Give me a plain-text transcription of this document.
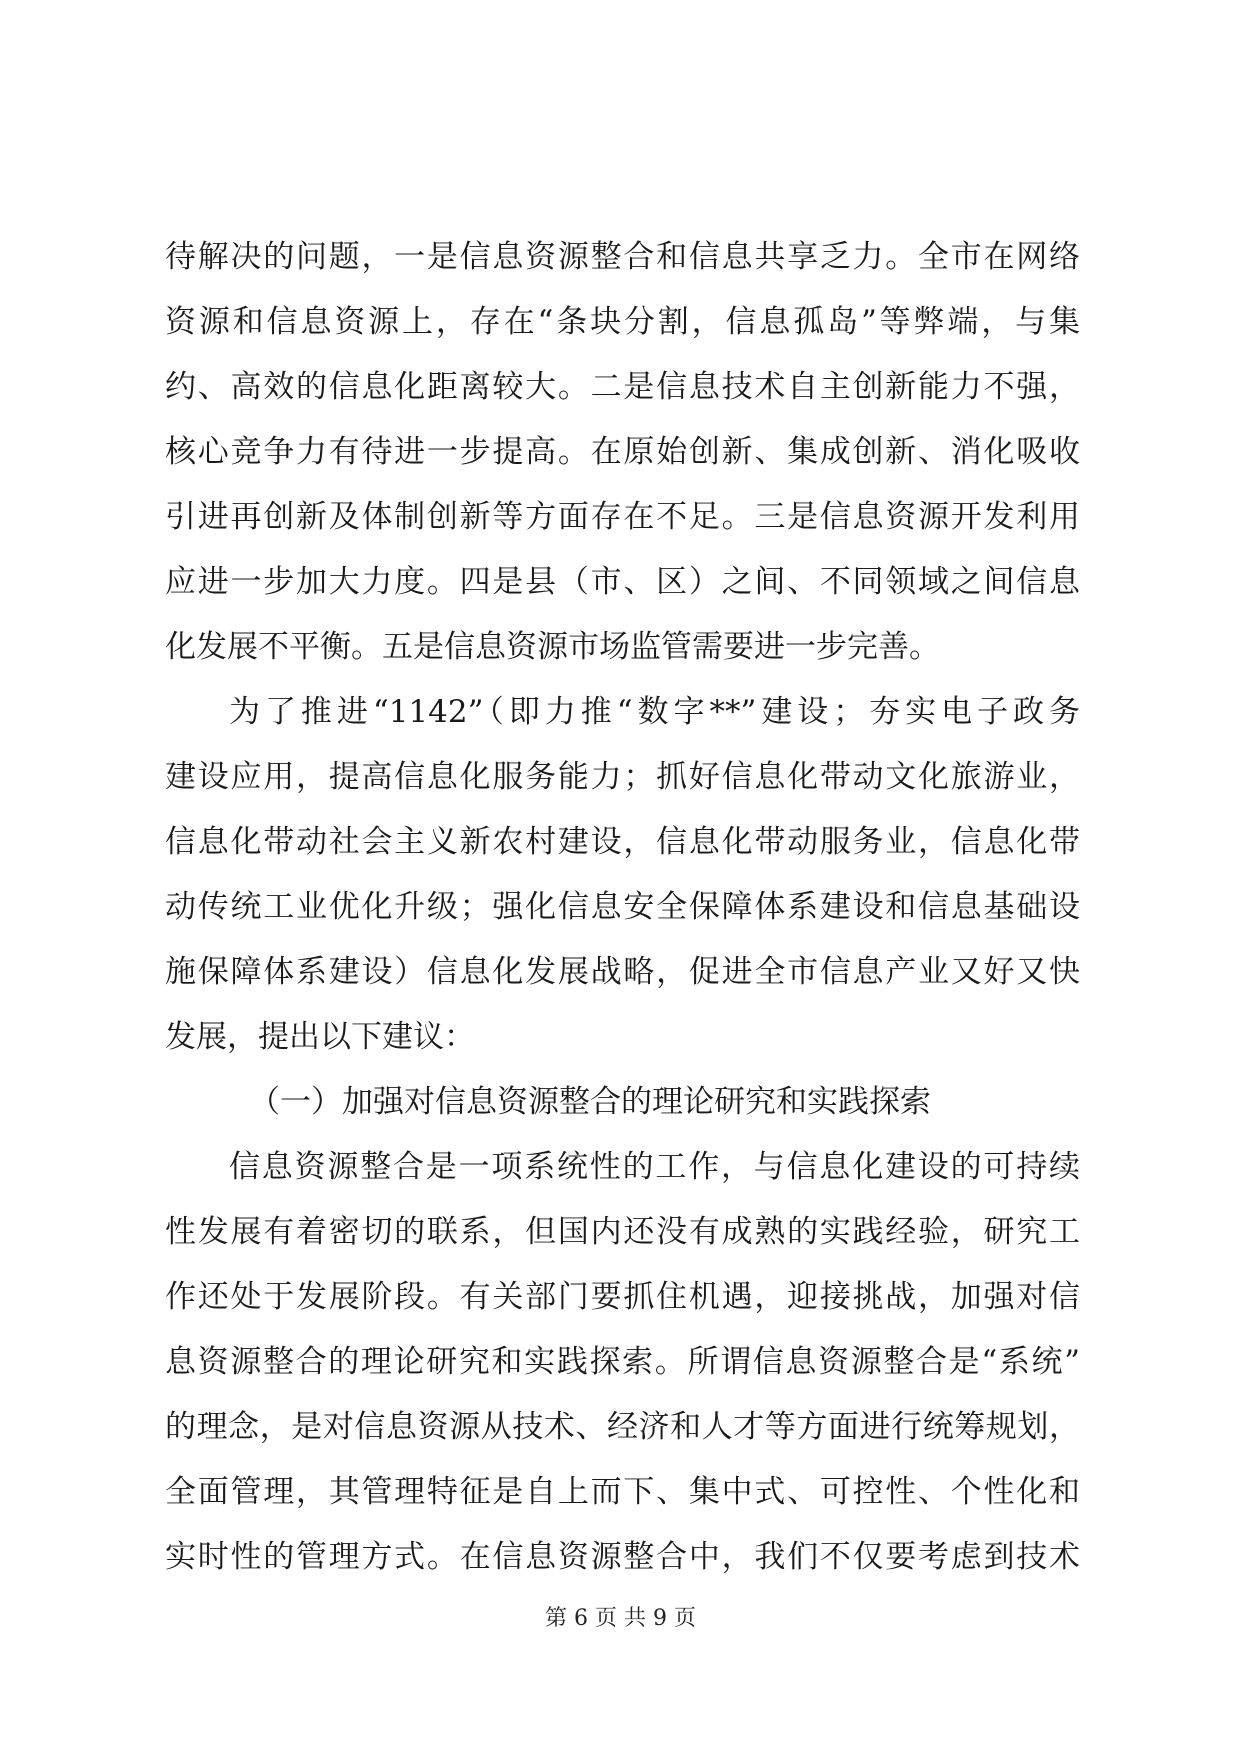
待解决的问题，一是信息资源整合和信息共享乏力。全市在网络
资源和信息资源上，存在“条块分割，信息孤岛”等弊端，与集
约、高效的信息化距离较大。二是信息技术自主创新能力不强，
核心竞争力有待进一步提高。在原始创新、集成创新、消化吸收
引进再创新及体制创新等方面存在不足。三是信息资源开发利用
应进一步加大力度。四是县（市、区）之间、不同领域之间信息
化发展不平衡。五是信息资源市场监管需要进一步完善。
为了推进“1142”（即力推“数字**”建设；夯实电子政务
建设应用，提高信息化服务能力；抓好信息化带动文化旅游业，
信息化带动社会主义新农村建设，信息化带动服务业，信息化带
动传统工业优化升级；强化信息安全保障体系建设和信息基础设
施保障体系建设）信息化发展战略，促进全市信息产业又好又快
发展，提出以下建议：
（一）加强对信息资源整合的理论研究和实践探索
信息资源整合是一项系统性的工作，与信息化建设的可持续
性发展有着密切的联系，但国内还没有成熟的实践经验，研究工
作还处于发展阶段。有关部门要抓住机遇，迎接挑战，加强对信
息资源整合的理论研究和实践探索。所谓信息资源整合是“系统”
的理念，是对信息资源从技术、经济和人才等方面进行统筹规划，
全面管理，其管理特征是自上而下、集中式、可控性、个性化和
实时性的管理方式。在信息资源整合中，我们不仅要考虑到技术
第 6 页 共 9 页
